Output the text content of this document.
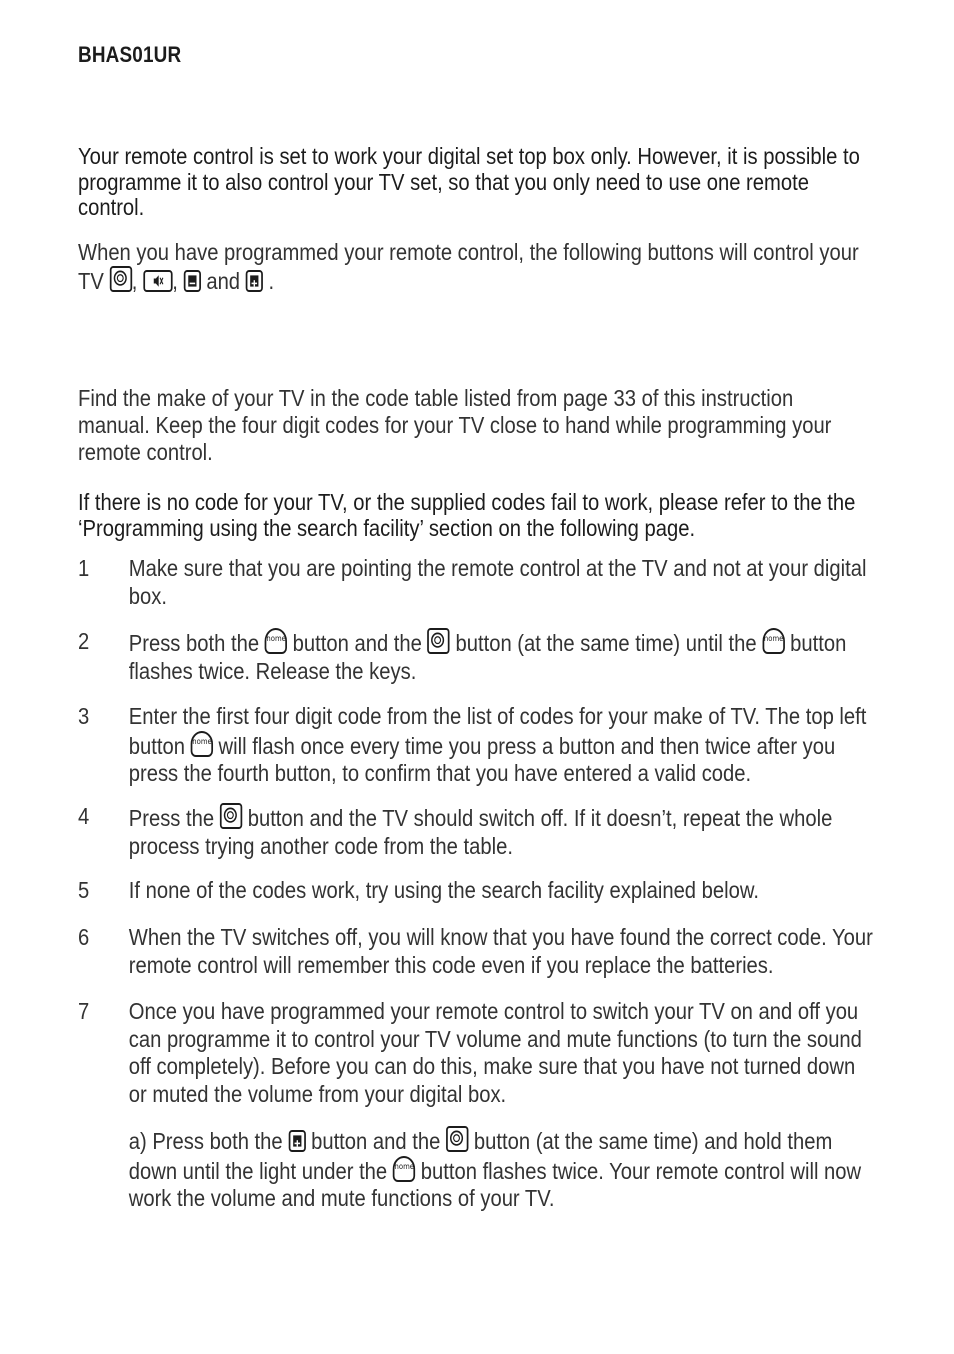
BHAS01UR
Your remote control is set to work your digital set top box only. However, it is possible to programme it to also control your TV set, so that you only need to use one remote control.
When you have programmed your remote control, the following buttons will control your TV , , and .
Find the make of your TV in the code table listed from page 33 of this instruction manual. Keep the four digit codes for your TV close to hand while programming your remote control.
If there is no code for your TV, or the supplied codes fail to work, please refer to the the ‘Programming using the search facility’ section on the following page.
1 Make sure that you are pointing the remote control at the TV and not at your digital box.
2 Press both the home button and the button (at the same time) until the home button flashes twice. Release the keys.
3 Enter the first four digit code from the list of codes for your make of TV. The top left button home will flash once every time you press a button and then twice after you press the fourth button, to confirm that you have entered a valid code.
4 Press the button and the TV should switch off. If it doesn’t, repeat the whole process trying another code from the table.
5 If none of the codes work, try using the search facility explained below.
6 When the TV switches off, you will know that you have found the correct code. Your remote control will remember this code even if you replace the batteries.
7 Once you have programmed your remote control to switch your TV on and off you can programme it to control your TV volume and mute functions (to turn the sound off completely). Before you can do this, make sure that you have not turned down or muted the volume from your digital box.
a) Press both the button and the button (at the same time) and hold them down until the light under the home button flashes twice. Your remote control will now work the volume and mute functions of your TV.
